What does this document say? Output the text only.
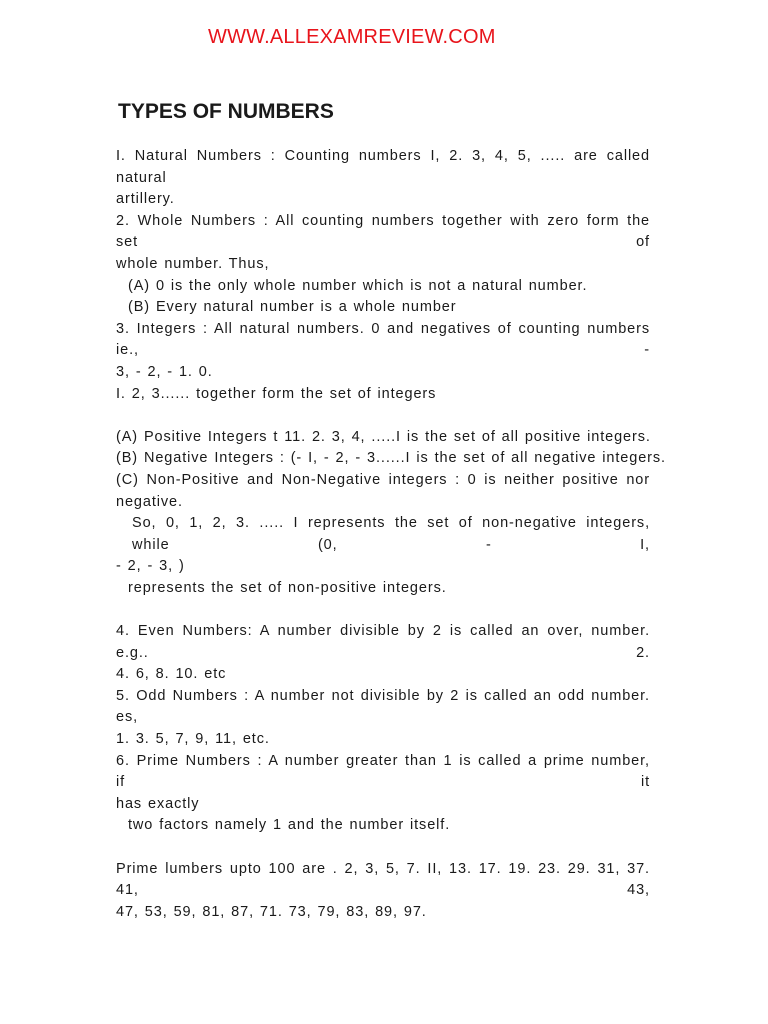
WWW.ALLEXAMREVIEW.COM
TYPES OF NUMBERS
I. Natural Numbers : Counting numbers I, 2. 3, 4, 5, ..... are called natural
artillery.
2. Whole Numbers : All counting numbers together with zero form the set of
whole number. Thus,
(A) 0 is the only whole number which is not a natural number.
(B) Every natural number is a whole number
3. Integers : All natural numbers. 0 and negatives of counting numbers ie., -
3, - 2, - 1. 0.
I. 2, 3...... together form the set of integers
(A) Positive Integers t 11. 2. 3, 4, .....I is the set of all positive integers.
(B) Negative Integers : (- I, - 2, - 3......I is the set of all negative integers.
(C) Non-Positive and Non-Negative integers : 0 is neither positive nor
negative.
So, 0, 1, 2, 3. ..... I represents the set of non-negative integers, while (0, - I,
- 2, - 3, )
represents the set of non-positive integers.
4. Even Numbers: A number divisible by 2 is called an over, number. e.g.. 2.
4. 6, 8. 10. etc
5. Odd Numbers : A number not divisible by 2 is called an odd number. es,
1. 3. 5, 7, 9, 11, etc.
6. Prime Numbers : A number greater than 1 is called a prime number, if it
has exactly
two factors namely 1 and the number itself.
Prime lumbers upto 100 are . 2, 3, 5, 7. II, 13. 17. 19. 23. 29. 31, 37. 41, 43,
47, 53, 59, 81, 87, 71. 73, 79, 83, 89, 97.
